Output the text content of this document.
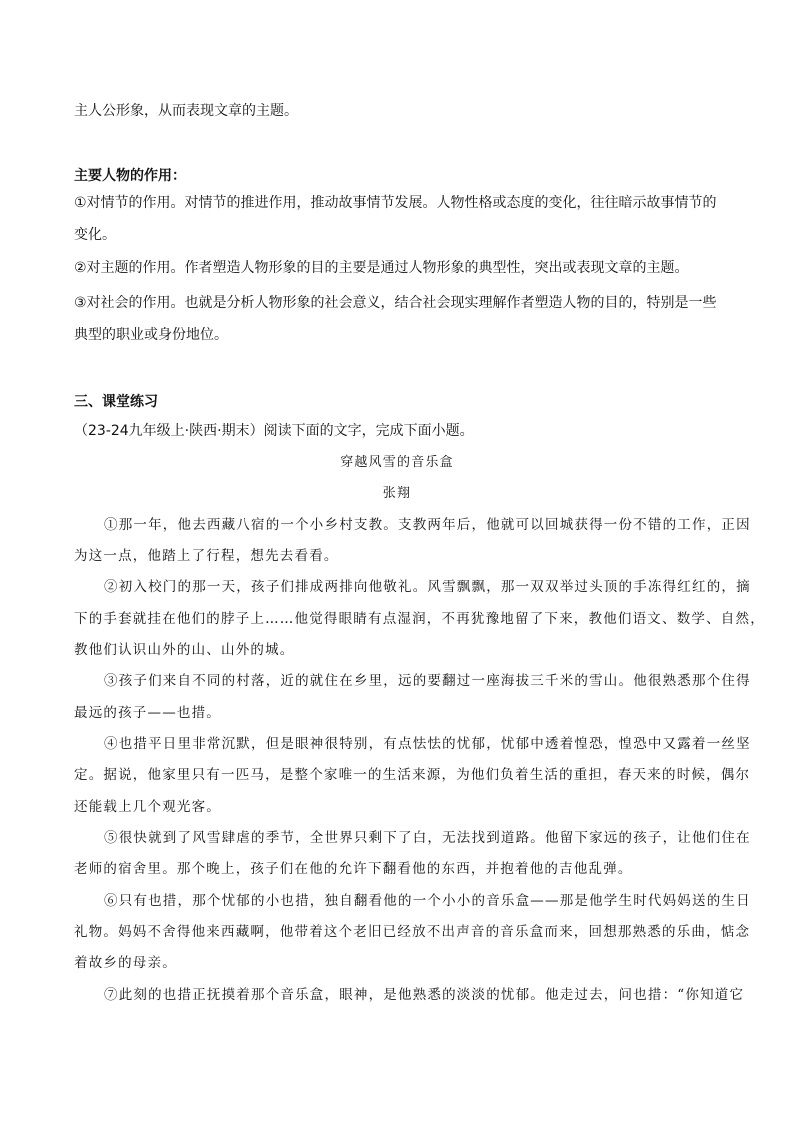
主人公形象，从而表现文章的主题。
主要人物的作用：
①对情节的作用。对情节的推进作用，推动故事情节发展。人物性格或态度的变化，往往暗示故事情节的
变化。
②对主题的作用。作者塑造人物形象的目的主要是通过人物形象的典型性，突出或表现文章的主题。
③对社会的作用。也就是分析人物形象的社会意义，结合社会现实理解作者塑造人物的目的，特别是一些
典型的职业或身份地位。
三、课堂练习
（23-24九年级上·陕西·期末）阅读下面的文字，完成下面小题。
穿越风雪的音乐盒
张翔
①那一年，他去西藏八宿的一个小乡村支教。支教两年后，他就可以回城获得一份不错的工作，正因
为这一点，他踏上了行程，想先去看看。
②初入校门的那一天，孩子们排成两排向他敬礼。风雪飘飘，那一双双举过头顶的手冻得红红的，摘
下的手套就挂在他们的脖子上……他觉得眼睛有点湿润，不再犹豫地留了下来，教他们语文、数学、自然，
教他们认识山外的山、山外的城。
③孩子们来自不同的村落，近的就住在乡里，远的要翻过一座海拔三千米的雪山。他很熟悉那个住得
最远的孩子——也措。
④也措平日里非常沉默，但是眼神很特别，有点怯怯的忧郁，忧郁中透着惶恐，惶恐中又露着一丝坚
定。据说，他家里只有一匹马，是整个家唯一的生活来源，为他们负着生活的重担，春天来的时候，偶尔
还能载上几个观光客。
⑤很快就到了风雪肆虐的季节，全世界只剩下了白，无法找到道路。他留下家远的孩子，让他们住在
老师的宿舍里。那个晚上，孩子们在他的允许下翻看他的东西，并抱着他的吉他乱弹。
⑥只有也措，那个忧郁的小也措，独自翻看他的一个小小的音乐盒——那是他学生时代妈妈送的生日
礼物。妈妈不舍得他来西藏啊，他带着这个老旧已经放不出声音的音乐盒而来，回想那熟悉的乐曲，惦念
着故乡的母亲。
⑦此刻的也措正抚摸着那个音乐盒，眼神，是他熟悉的淡淡的忧郁。他走过去，问也措：“你知道它
